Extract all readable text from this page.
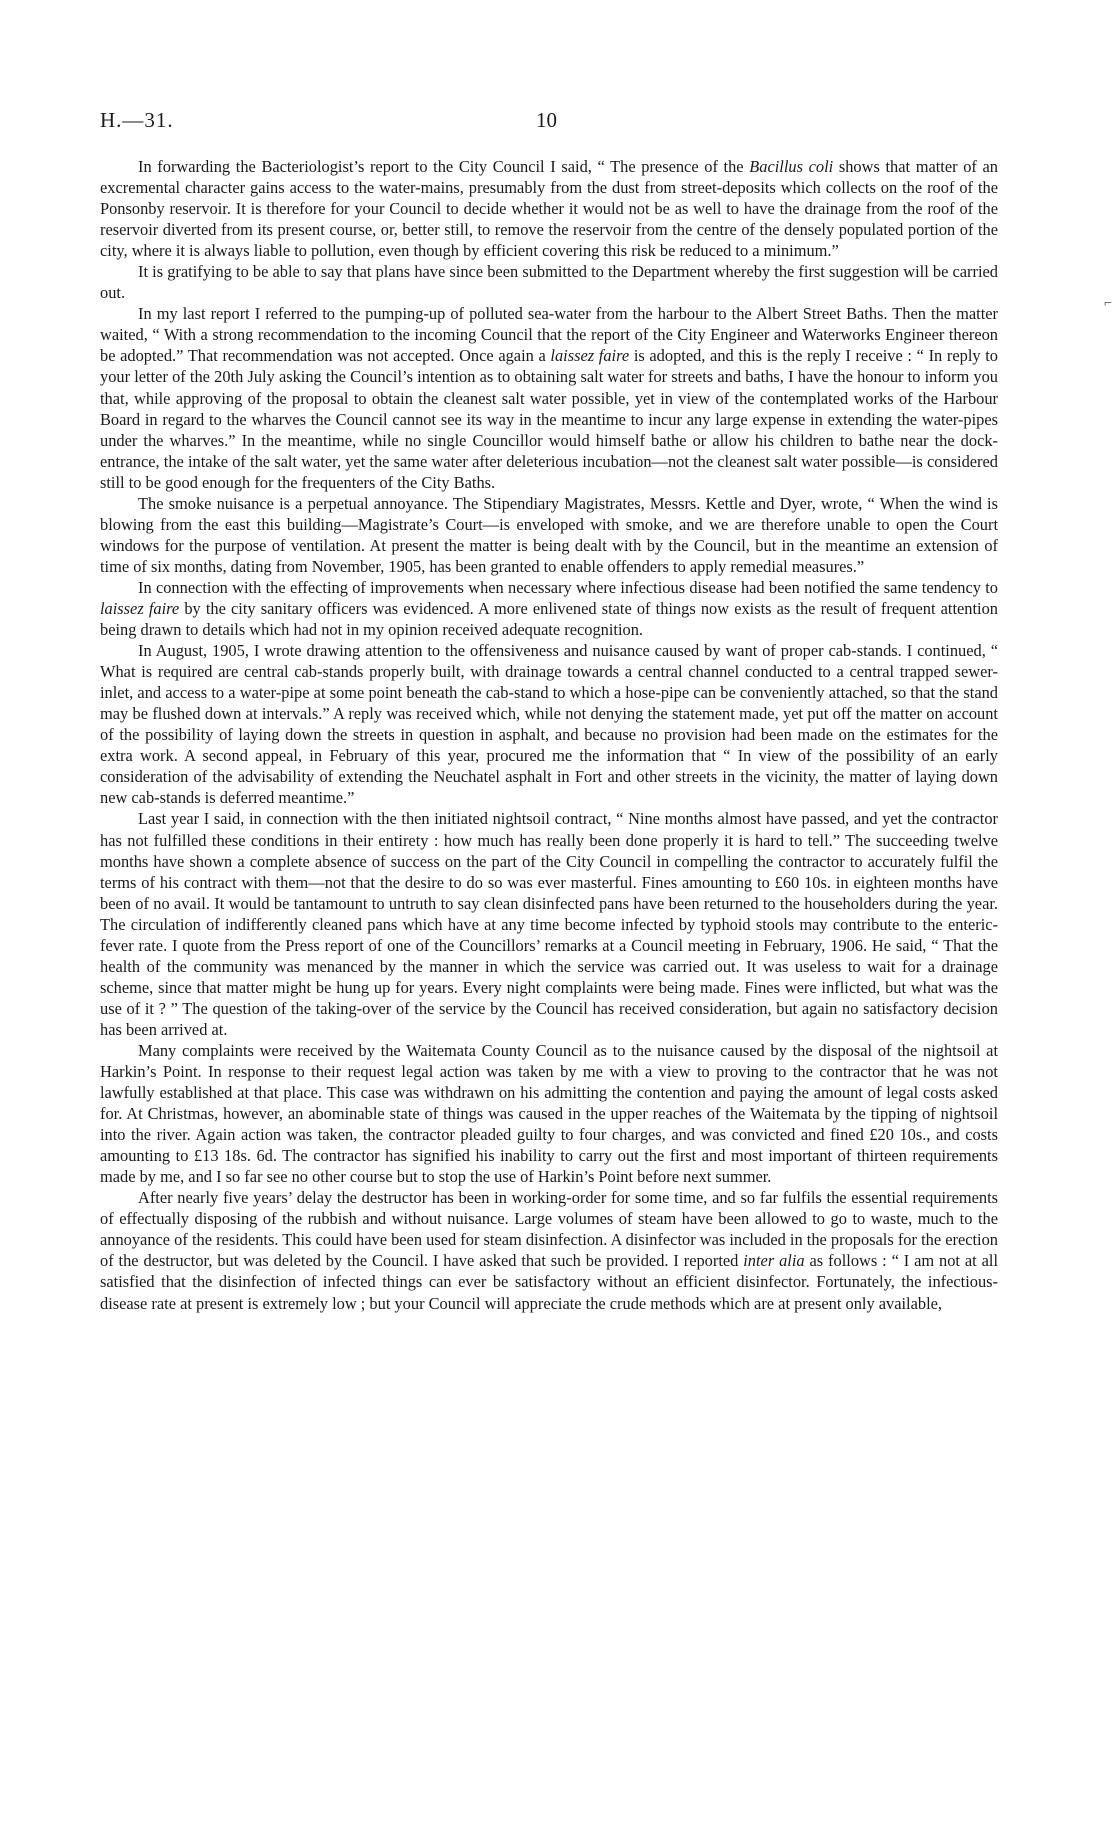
H.—31.	10

In forwarding the Bacteriologist’s report to the City Council I said, “ The presence of the Bacillus coli shows that matter of an excremental character gains access to the water-mains, presumably from the dust from street-deposits which collects on the roof of the Ponsonby reservoir. It is therefore for your Council to decide whether it would not be as well to have the drainage from the roof of the reservoir diverted from its present course, or, better still, to remove the reservoir from the centre of the densely populated portion of the city, where it is always liable to pollution, even though by efficient covering this risk be reduced to a minimum.”

It is gratifying to be able to say that plans have since been submitted to the Department whereby the first suggestion will be carried out.

In my last report I referred to the pumping-up of polluted sea-water from the harbour to the Albert Street Baths. Then the matter waited, “ With a strong recommendation to the incoming Council that the report of the City Engineer and Waterworks Engineer thereon be adopted.” That recommendation was not accepted. Once again a laissez faire is adopted, and this is the reply I receive : “ In reply to your letter of the 20th July asking the Council’s intention as to obtaining salt water for streets and baths, I have the honour to inform you that, while approving of the proposal to obtain the cleanest salt water possible, yet in view of the contemplated works of the Harbour Board in regard to the wharves the Council cannot see its way in the meantime to incur any large expense in extending the water-pipes under the wharves.” In the meantime, while no single Councillor would himself bathe or allow his children to bathe near the dock-entrance, the intake of the salt water, yet the same water after deleterious incubation—not the cleanest salt water possible—is considered still to be good enough for the frequenters of the City Baths.

The smoke nuisance is a perpetual annoyance. The Stipendiary Magistrates, Messrs. Kettle and Dyer, wrote, “ When the wind is blowing from the east this building—Magistrate’s Court—is enveloped with smoke, and we are therefore unable to open the Court windows for the purpose of ventilation. At present the matter is being dealt with by the Council, but in the meantime an extension of time of six months, dating from November, 1905, has been granted to enable offenders to apply remedial measures.”

In connection with the effecting of improvements when necessary where infectious disease had been notified the same tendency to laissez faire by the city sanitary officers was evidenced. A more enlivened state of things now exists as the result of frequent attention being drawn to details which had not in my opinion received adequate recognition.

In August, 1905, I wrote drawing attention to the offensiveness and nuisance caused by want of proper cab-stands. I continued, “ What is required are central cab-stands properly built, with drainage towards a central channel conducted to a central trapped sewer-inlet, and access to a water-pipe at some point beneath the cab-stand to which a hose-pipe can be conveniently attached, so that the stand may be flushed down at intervals.” A reply was received which, while not denying the statement made, yet put off the matter on account of the possibility of laying down the streets in question in asphalt, and because no provision had been made on the estimates for the extra work. A second appeal, in February of this year, procured me the information that “ In view of the possibility of an early consideration of the advisability of extending the Neuchatel asphalt in Fort and other streets in the vicinity, the matter of laying down new cab-stands is deferred meantime.”

Last year I said, in connection with the then initiated nightsoil contract, “ Nine months almost have passed, and yet the contractor has not fulfilled these conditions in their entirety : how much has really been done properly it is hard to tell.” The succeeding twelve months have shown a complete absence of success on the part of the City Council in compelling the contractor to accurately fulfil the terms of his contract with them—not that the desire to do so was ever masterful. Fines amounting to £60 10s. in eighteen months have been of no avail. It would be tantamount to untruth to say clean disinfected pans have been returned to the householders during the year. The circulation of indifferently cleaned pans which have at any time become infected by typhoid stools may contribute to the enteric-fever rate. I quote from the Press report of one of the Councillors’ remarks at a Council meeting in February, 1906. He said, “ That the health of the community was menanced by the manner in which the service was carried out. It was useless to wait for a drainage scheme, since that matter might be hung up for years. Every night complaints were being made. Fines were inflicted, but what was the use of it ? ” The question of the taking-over of the service by the Council has received consideration, but again no satisfactory decision has been arrived at.

Many complaints were received by the Waitemata County Council as to the nuisance caused by the disposal of the nightsoil at Harkin’s Point. In response to their request legal action was taken by me with a view to proving to the contractor that he was not lawfully established at that place. This case was withdrawn on his admitting the contention and paying the amount of legal costs asked for. At Christmas, however, an abominable state of things was caused in the upper reaches of the Waitemata by the tipping of nightsoil into the river. Again action was taken, the contractor pleaded guilty to four charges, and was convicted and fined £20 10s., and costs amounting to £13 18s. 6d. The contractor has signified his inability to carry out the first and most important of thirteen requirements made by me, and I so far see no other course but to stop the use of Harkin’s Point before next summer.

After nearly five years’ delay the destructor has been in working-order for some time, and so far fulfils the essential requirements of effectually disposing of the rubbish and without nuisance. Large volumes of steam have been allowed to go to waste, much to the annoyance of the residents. This could have been used for steam disinfection. A disinfector was included in the proposals for the erection of the destructor, but was deleted by the Council. I have asked that such be provided. I reported inter alia as follows : “ I am not at all satisfied that the disinfection of infected things can ever be satisfactory without an efficient disinfector. Fortunately, the infectious-disease rate at present is extremely low ; but your Council will appreciate the crude methods which are at present only available,

⌐
